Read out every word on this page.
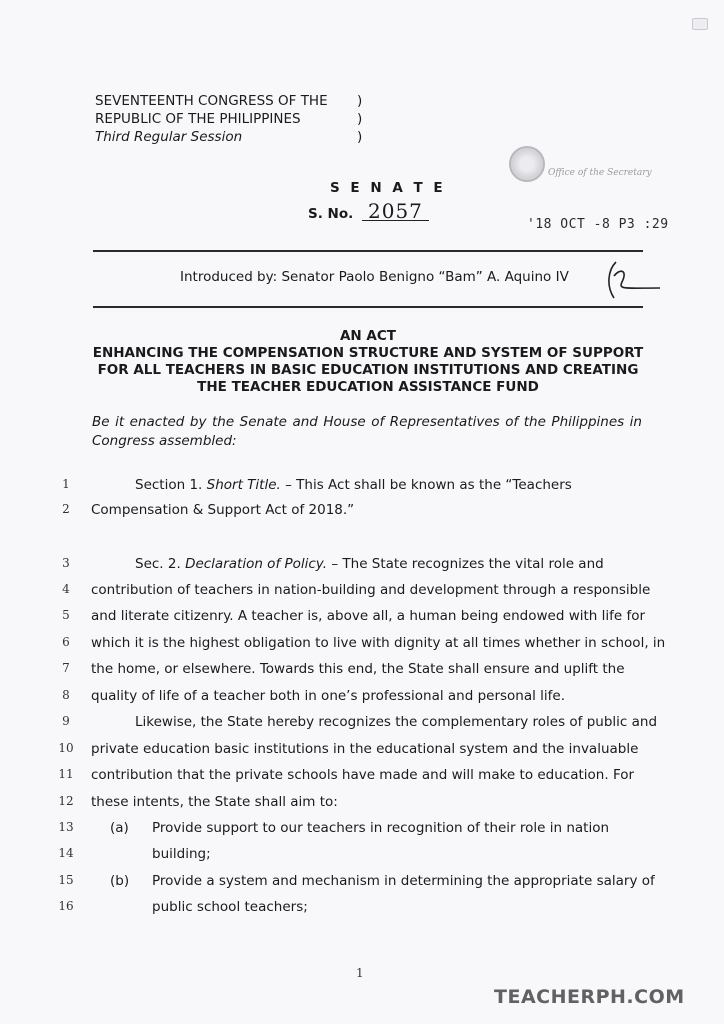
SEVENTEENTH CONGRESS OF THE
REPUBLIC OF THE PHILIPPINES
Third Regular Session
)
)
)
Office of the Secretary
S E N A T E
S. No. 2057
'18 OCT -8 P3 :29
Introduced by: Senator Paolo Benigno “Bam” A. Aquino IV
AN ACT
ENHANCING THE COMPENSATION STRUCTURE AND SYSTEM OF SUPPORT
FOR ALL TEACHERS IN BASIC EDUCATION INSTITUTIONS AND CREATING
THE TEACHER EDUCATION ASSISTANCE FUND
Be it enacted by the Senate and House of Representatives of the Philippines in Congress assembled:
1
2
3
4
5
6
7
8
9
10
11
12
13
14
15
16
Section 1. Short Title. – This Act shall be known as the “Teachers
Compensation & Support Act of 2018.”
Sec. 2. Declaration of Policy. – The State recognizes the vital role and
contribution of teachers in nation-building and development through a responsible
and literate citizenry. A teacher is, above all, a human being endowed with life for
which it is the highest obligation to live with dignity at all times whether in school, in
the home, or elsewhere. Towards this end, the State shall ensure and uplift the
quality of life of a teacher both in one’s professional and personal life.
Likewise, the State hereby recognizes the complementary roles of public and
private education basic institutions in the educational system and the invaluable
contribution that the private schools have made and will make to education. For
these intents, the State shall aim to:
(a) Provide support to our teachers in recognition of their role in nation
building;
(b) Provide a system and mechanism in determining the appropriate salary of
public school teachers;
1
TEACHERPH.COM
